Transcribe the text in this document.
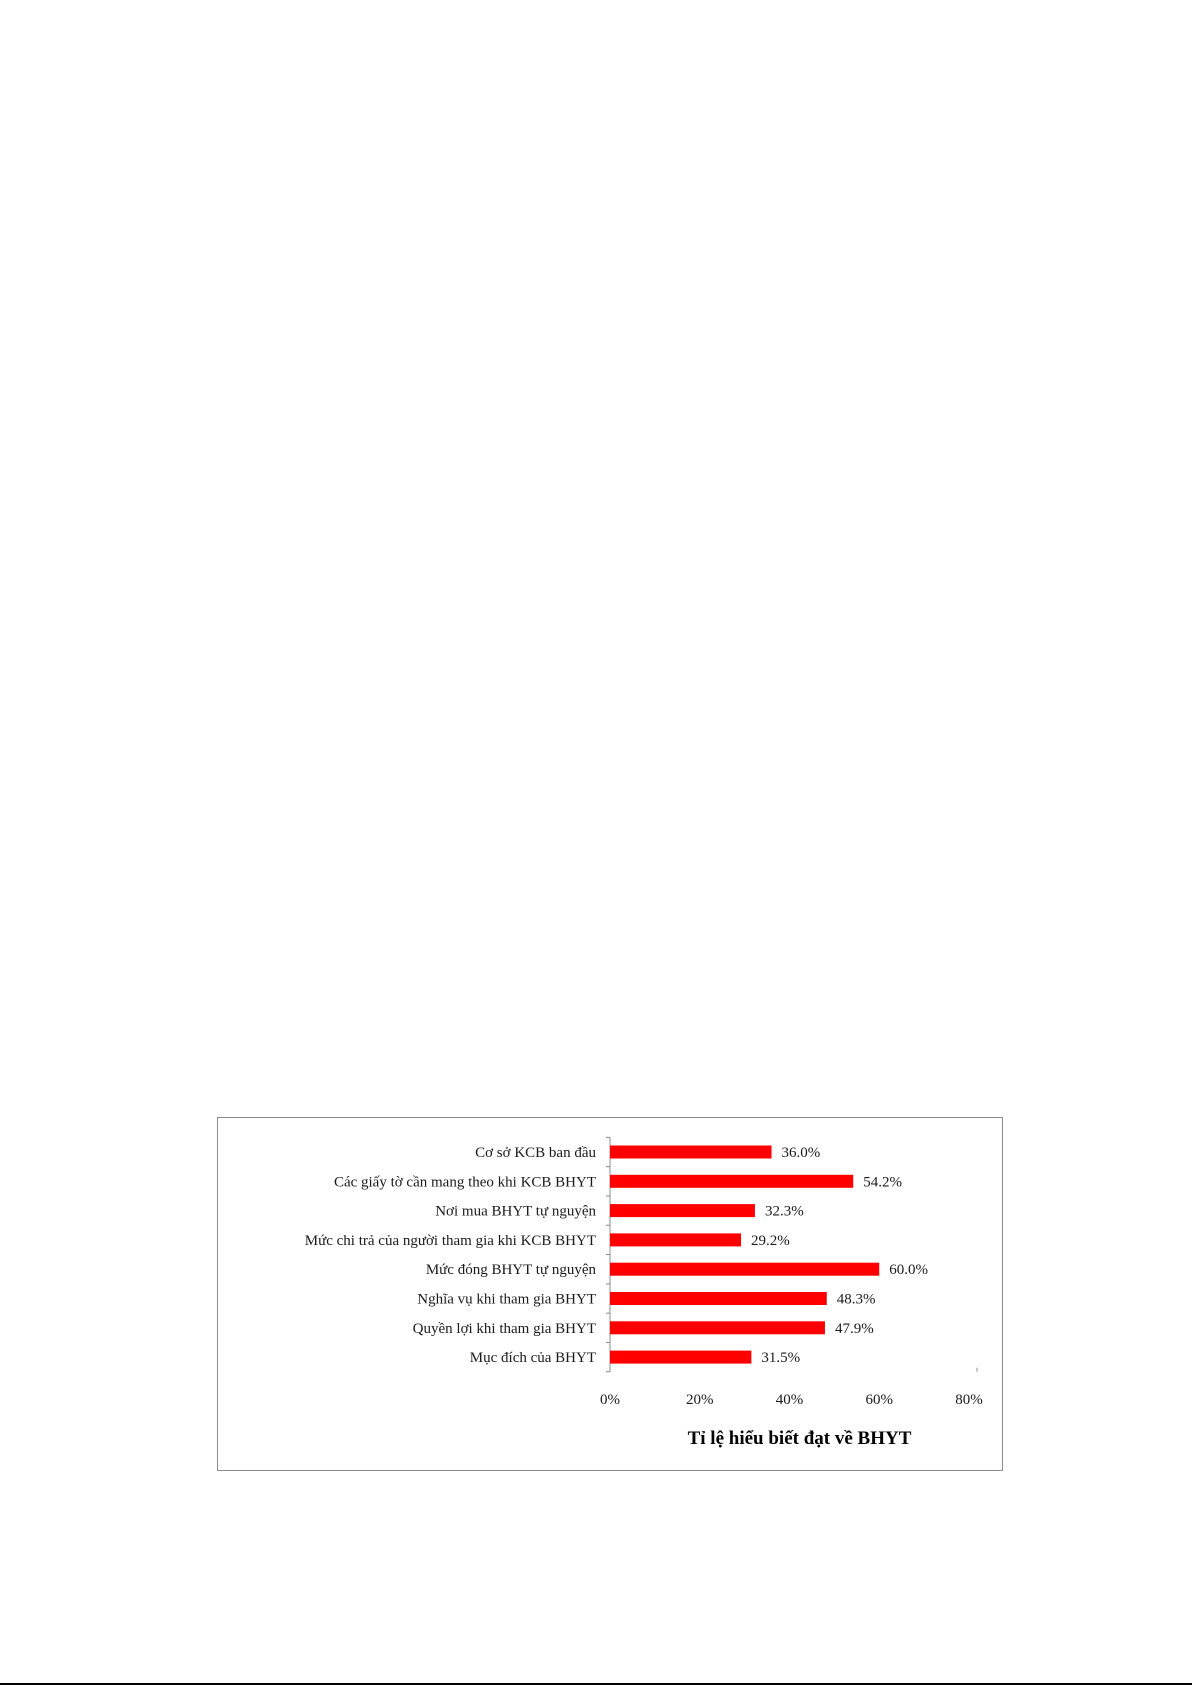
Cơ sở KCB ban đầu	36.0%
Các giấy tờ cần mang theo khi KCB BHYT	54.2%
Nơi mua BHYT tự nguyện	32.3%
Mức chi trả của người tham gia khi KCB BHYT	29.2%
Mức đóng BHYT tự nguyện	60.0%
Nghĩa vụ khi tham gia BHYT	48.3%
Quyền lợi khi tham gia BHYT	47.9%
Mục đích của BHYT	31.5%
0%	20%	40%	60%	80%
Tỉ lệ hiểu biết đạt về BHYT
